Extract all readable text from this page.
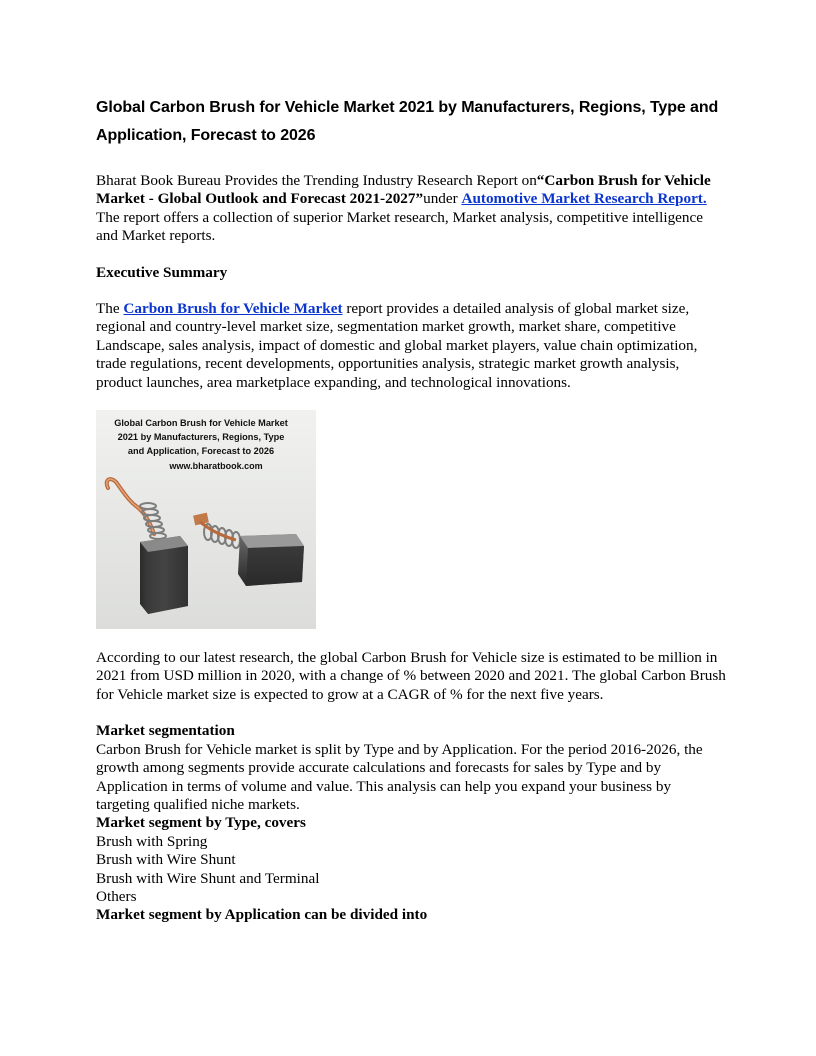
Global Carbon Brush for Vehicle Market 2021 by Manufacturers, Regions, Type and Application, Forecast to 2026

Bharat Book Bureau Provides the Trending Industry Research Report on“Carbon Brush for Vehicle Market - Global Outlook and Forecast 2021-2027”under Automotive Market Research Report. The report offers a collection of superior Market research, Market analysis, competitive intelligence and Market reports.

Executive Summary

The Carbon Brush for Vehicle Market report provides a detailed analysis of global market size, regional and country-level market size, segmentation market growth, market share, competitive Landscape, sales analysis, impact of domestic and global market players, value chain optimization, trade regulations, recent developments, opportunities analysis, strategic market growth analysis, product launches, area marketplace expanding, and technological innovations.

Global Carbon Brush for Vehicle Market
2021 by Manufacturers, Regions, Type
and Application, Forecast to 2026
www.bharatbook.com

According to our latest research, the global Carbon Brush for Vehicle size is estimated to be million in 2021 from USD million in 2020, with a change of % between 2020 and 2021. The global Carbon Brush for Vehicle market size is expected to grow at a CAGR of % for the next five years.

Market segmentation

Carbon Brush for Vehicle market is split by Type and by Application. For the period 2016-2026, the growth among segments provide accurate calculations and forecasts for sales by Type and by Application in terms of volume and value. This analysis can help you expand your business by targeting qualified niche markets.

Market segment by Type, covers

Brush with Spring

Brush with Wire Shunt

Brush with Wire Shunt and Terminal

Others

Market segment by Application can be divided into
